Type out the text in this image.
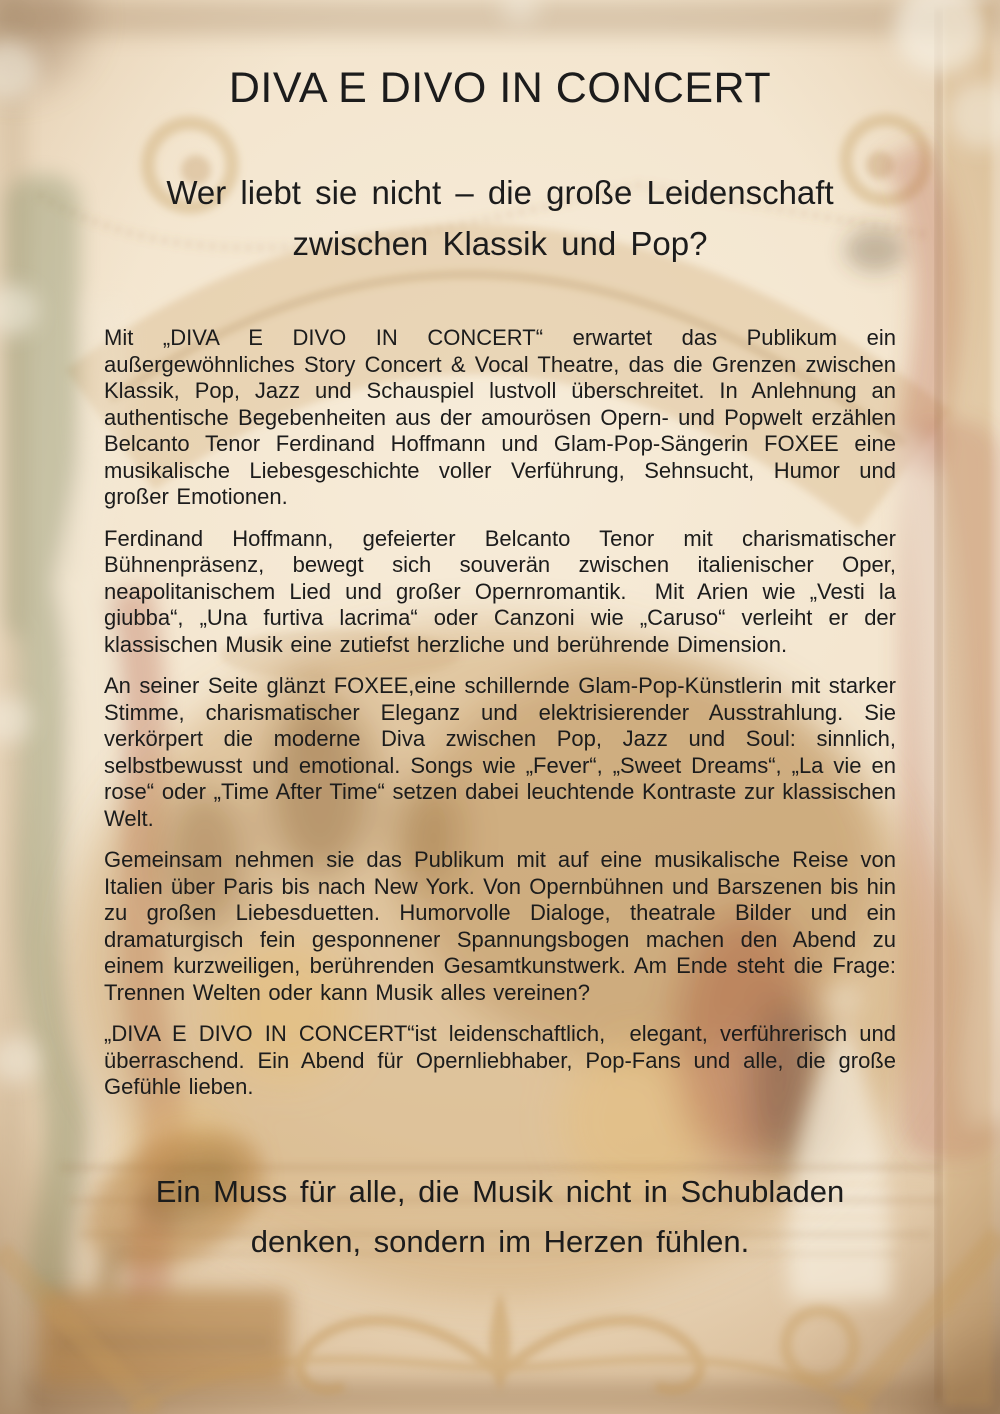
DIVA E DIVO IN CONCERT
Wer liebt sie nicht – die große Leidenschaft
zwischen Klassik und Pop?

Mit „DIVA E DIVO IN CONCERT“ erwartet das Publikum ein außergewöhnliches Story Concert & Vocal Theatre, das die Grenzen zwischen Klassik, Pop, Jazz und Schauspiel lustvoll überschreitet. In Anlehnung an authentische Begebenheiten aus der amourösen Opern- und Popwelt erzählen Belcanto Tenor Ferdinand Hoffmann und Glam-Pop-Sängerin FOXEE eine musikalische Liebesgeschichte voller Verführung, Sehnsucht, Humor und großer Emotionen.

Ferdinand Hoffmann, gefeierter Belcanto Tenor mit charismatischer Bühnenpräsenz, bewegt sich souverän zwischen italienischer Oper, neapolitanischem Lied und großer Opernromantik.  Mit Arien wie „Vesti la giubba“, „Una furtiva lacrima“ oder Canzoni wie „Caruso“ verleiht er der klassischen Musik eine zutiefst herzliche und berührende Dimension.

An seiner Seite glänzt FOXEE,eine schillernde Glam-Pop-Künstlerin mit starker Stimme, charismatischer Eleganz und elektrisierender Ausstrahlung. Sie verkörpert die moderne Diva zwischen Pop, Jazz und Soul: sinnlich, selbstbewusst und emotional. Songs wie „Fever“, „Sweet Dreams“, „La vie en rose“ oder „Time After Time“ setzen dabei leuchtende Kontraste zur klassischen Welt.

Gemeinsam nehmen sie das Publikum mit auf eine musikalische Reise von Italien über Paris bis nach New York. Von Opernbühnen und Barszenen bis hin zu großen Liebesduetten. Humorvolle Dialoge, theatrale Bilder und ein dramaturgisch fein gesponnener Spannungsbogen machen den Abend zu einem kurzweiligen, berührenden Gesamtkunstwerk. Am Ende steht die Frage: Trennen Welten oder kann Musik alles vereinen?

„DIVA E DIVO IN CONCERT“ist leidenschaftlich,  elegant, verführerisch und überraschend. Ein Abend für Opernliebhaber, Pop-Fans und alle, die große Gefühle lieben.

Ein Muss für alle, die Musik nicht in Schubladen
denken, sondern im Herzen fühlen.
